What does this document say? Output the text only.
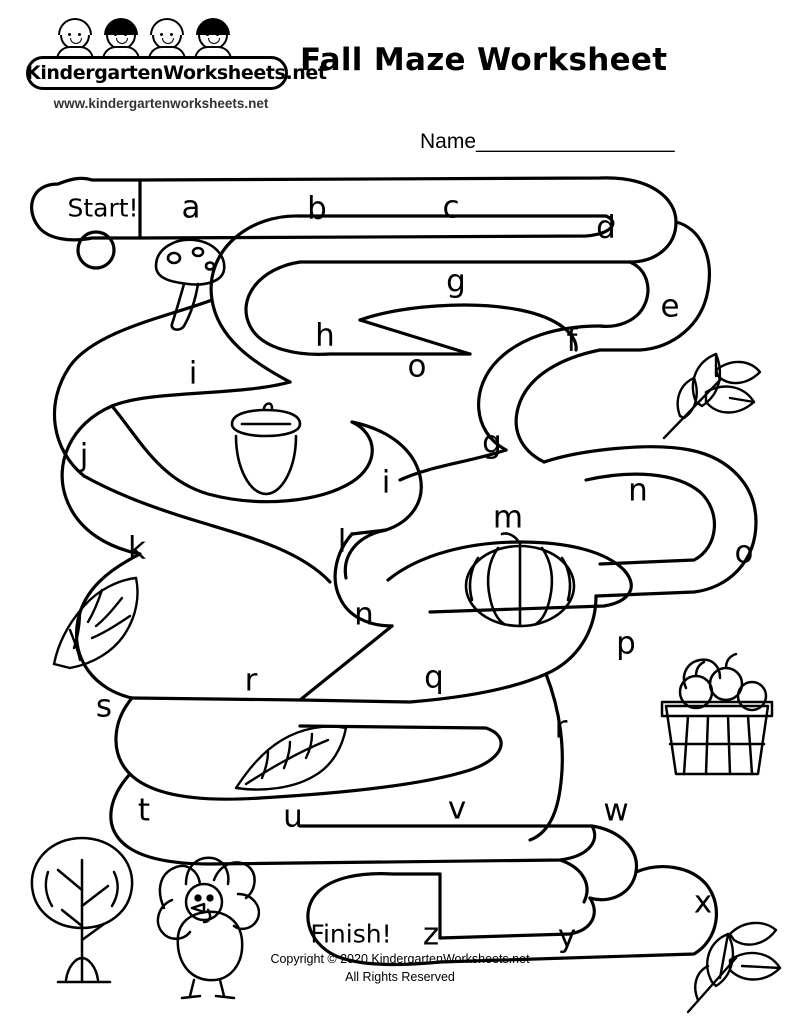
KindergartenWorksheets.net
www.kindergartenworksheets.net
Fall Maze Worksheet
Name_________________
Start!
Finish!
a	b	c
d
e
f
g
h
o
i
j	g
i
k	l
m
n
o
n
p
q
r
s
r
t	u	v	w
x
y
z
Copyright © 2020 KindergartenWorksheets.net
All Rights Reserved
